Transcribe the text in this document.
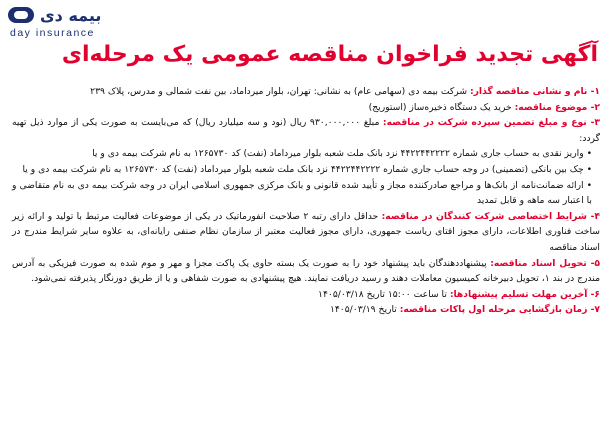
بیمه دی
day insurance
آگهی تجدید فراخوان مناقصه عمومی یک مرحله‌ای

۱- نام و نشانی مناقصه گذار: شرکت بیمه دی (سهامی عام) به نشانی: تهران، بلوار میرداماد، بین نفت شمالی و مدرس، پلاک ۲۳۹

۲- موضوع مناقصه: خرید یک دستگاه ذخیره‌ساز (استوریج)

۳- نوع و مبلغ تضمین سپرده شرکت در مناقصه: مبلغ ۹۳۰,۰۰۰,۰۰۰ ریال (نود و سه میلیارد ریال) که می‌بایست به صورت یکی از موارد ذیل تهیه گردد:

• واریز نقدی به حساب جاری شماره ۴۴۲۲۴۴۲۲۲۲ نزد بانک ملت شعبه بلوار میرداماد (نفت) کد ۱۲۶۵۷۳۰ به نام شرکت بیمه دی و یا

• چک بین بانکی (تضمینی) در وجه حساب جاری شماره ۴۴۲۲۴۴۲۲۲۲ نزد بانک ملت شعبه بلوار میرداماد (نفت) کد ۱۲۶۵۷۳۰ به نام شرکت بیمه دی و یا

• ارائه ضمانت‌نامه از بانک‌ها و مراجع صادرکننده مجاز و تأیید شده قانونی و بانک مرکزی جمهوری اسلامی ایران در وجه شرکت بیمه دی به نام متقاضی و با اعتبار سه ماهه و قابل تمدید

۴- شرایط اختصاصی شرکت کنندگان در مناقصه: حداقل دارای رتبه ۲ صلاحیت انفورماتیک در یکی از موضوعات فعالیت مرتبط با تولید و ارائه زیر ساخت فناوری اطلاعات، دارای مجوز افتای ریاست جمهوری، دارای مجوز فعالیت معتبر از سازمان نظام صنفی رایانه‌ای، به علاوه سایر شرایط مندرج در اسناد مناقصه

۵- تحویل اسناد مناقصه: پیشنهاددهندگان باید پیشنهاد خود را به صورت یک بسته حاوی یک پاکت مجزا و مهر و موم شده به صورت فیزیکی به آدرس مندرج در بند ۱، تحویل دبیرخانه کمیسیون معاملات دهند و رسید دریافت نمایند. هیچ پیشنهادی به صورت شفاهی و یا از طریق دورنگار پذیرفته نمی‌شود.

۶- آخرین مهلت تسلیم پیشنهادها: تا ساعت ۱۵:۰۰ تاریخ ۱۴۰۵/۰۳/۱۸

۷- زمان بازگشایی مرحله اول پاکات مناقصه: تاریخ ۱۴۰۵/۰۳/۱۹
